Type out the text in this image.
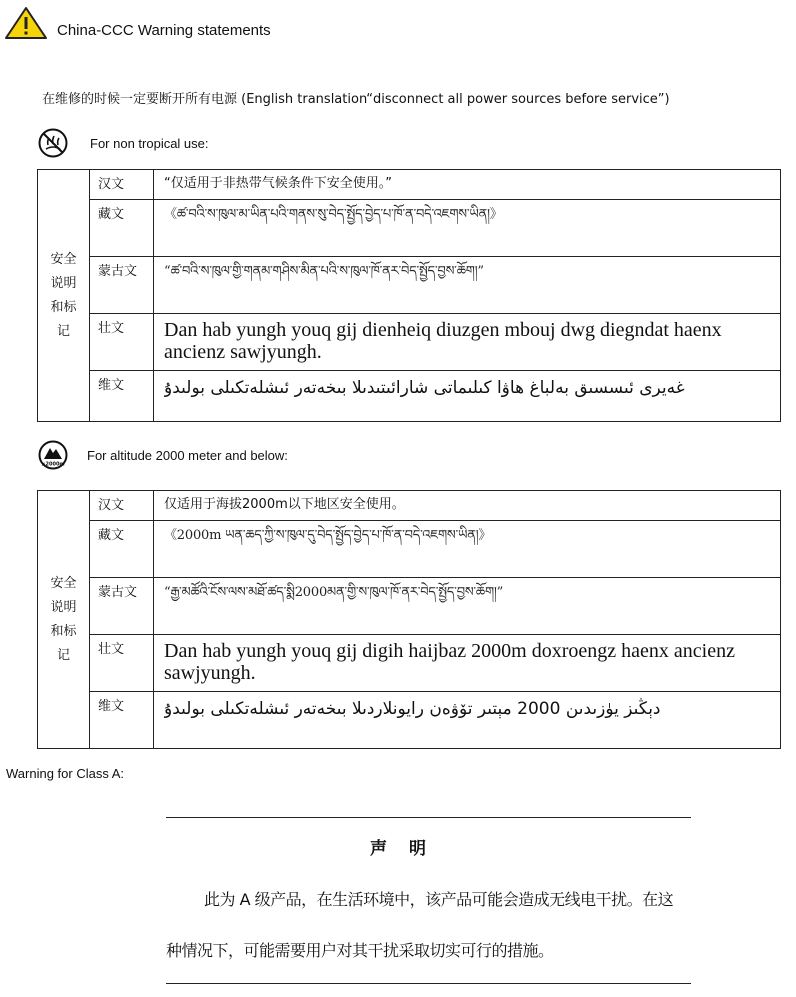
China-CCC Warning statements
在维修的时候一定要断开所有电源 (English translation“disconnect all power sources before service”)
For non tropical use:
安全说明和标记	汉文	“仅适用于非热带气候条件下安全使用。”

	藏文	《ཚ་བའི་ས་ཁུལ་མ་ཡིན་པའི་གནས་སུ་བེད་སྤྱོད་བྱེད་པ་ཁོ་ན་བདེ་འཇགས་ཡིན།》

	蒙古文	“ཚ་བའི་ས་ཁུལ་གྱི་གནམ་གཤིས་མིན་པའི་ས་ཁུལ་ཁོ་ནར་བེད་སྤྱོད་བྱས་ཆོག།”

	壮文	Dan hab yungh youq gij dienheiq diuzgen mbouj dwg diegndat haenx ancienz sawjyungh.

	维文	غەيرى ئىسسىق بەلباغ ھاۋا كىلىماتى شارائىتىدىلا بىخەتەر ئىشلەتكىلى بولىدۇ
≤2000m
For altitude 2000 meter and below:
安全说明和标记	汉文	仅适用于海拔2000m以下地区安全使用。

	藏文	《2000m ཡན་ཆད་ཀྱི་ས་ཁུལ་དུ་བེད་སྤྱོད་བྱེད་པ་ཁོ་ན་བདེ་འཇགས་ཡིན།》

	蒙古文	“རྒྱ་མཚོའི་ངོས་ལས་མཐོ་ཚད་སྨི2000མན་གྱི་ས་ཁུལ་ཁོ་ནར་བེད་སྤྱོད་བྱས་ཆོག།”

	壮文	Dan hab yungh youq gij digih haijbaz 2000m doxroengz haenx ancienz sawjyungh.

	维文	دېڭىز يۈزىدىن 2000 مېتىر تۆۋەن رايونلاردىلا بىخەتەر ئىشلەتكىلى بولىدۇ
Warning for Class A:
声明
此为 A 级产品，在生活环境中，该产品可能会造成无线电干扰。在这
种情况下，可能需要用户对其干扰采取切实可行的措施。
